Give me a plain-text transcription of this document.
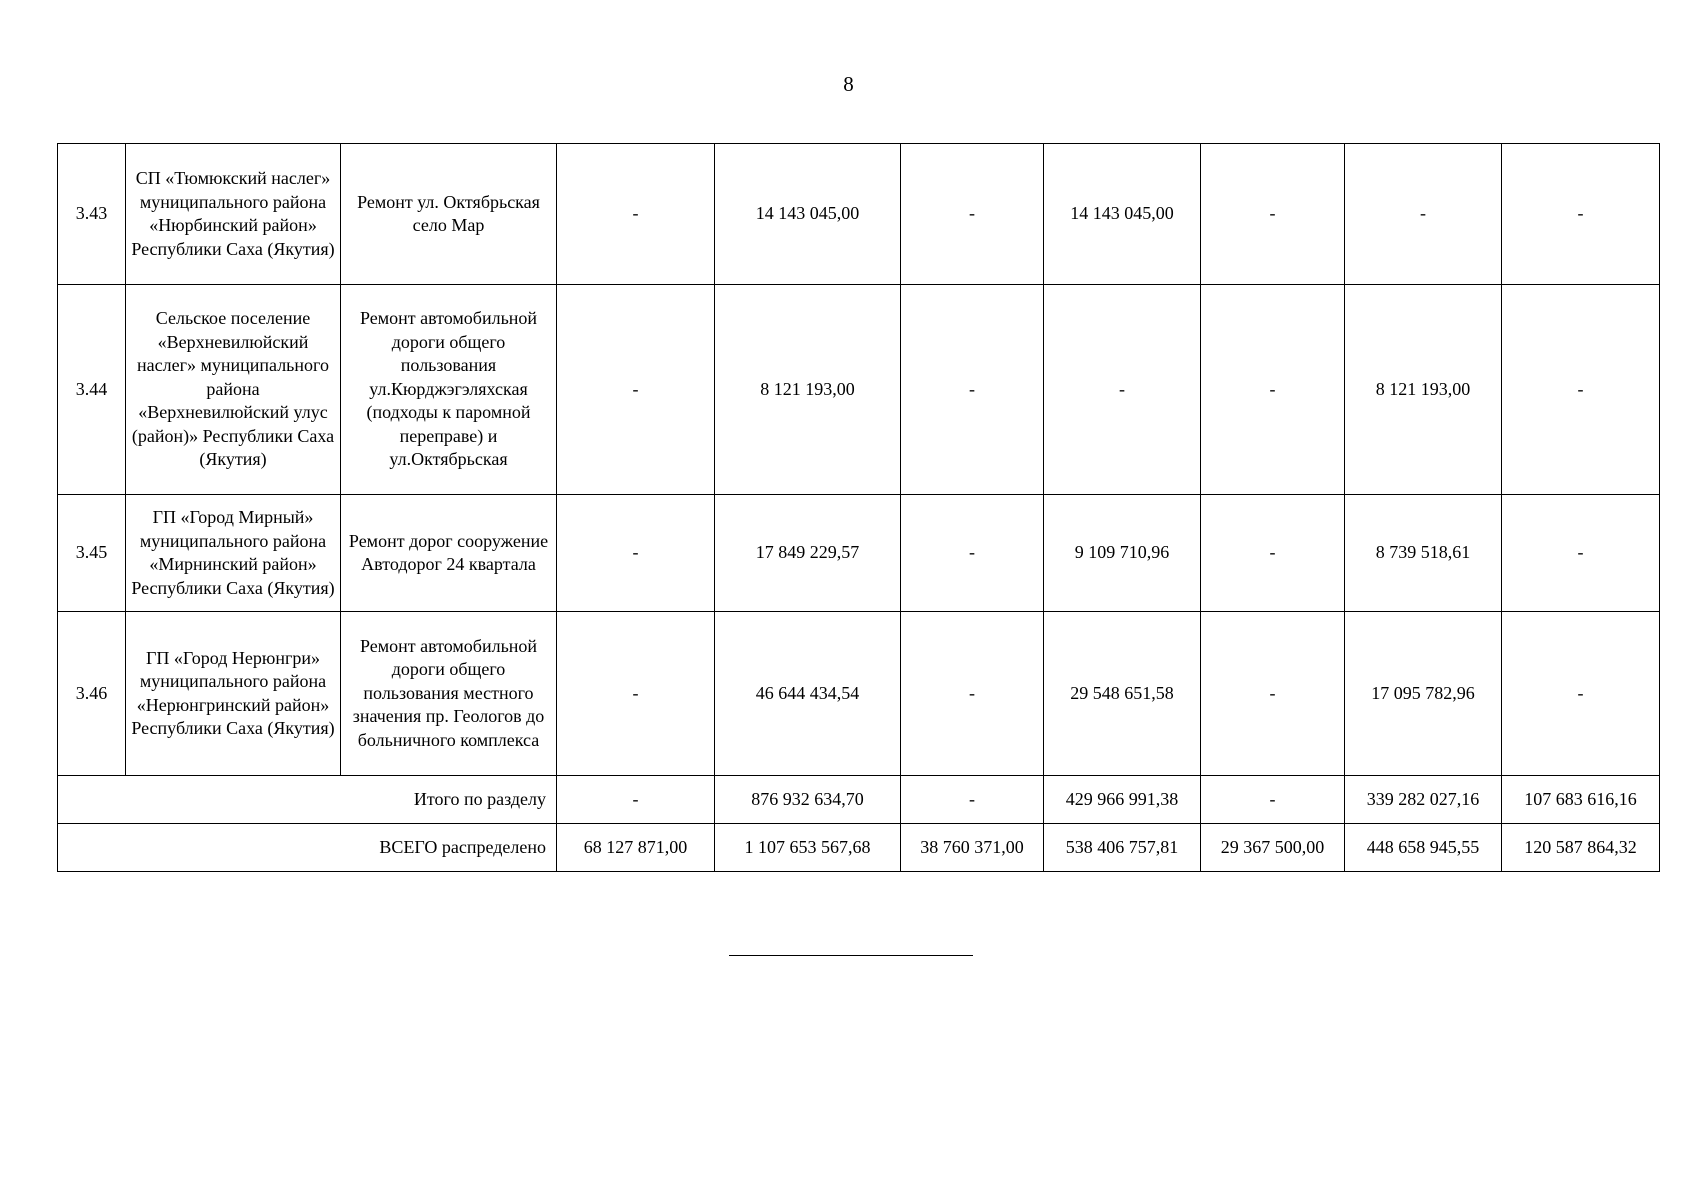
8
3.43	СП «Тюмюкский наслег» муниципального района «Нюрбинский район» Республики Саха (Якутия)	Ремонт ул. Октябрьская село Мар	-	14 143 045,00	-	14 143 045,00	-	-	-
3.44	Сельское поселение «Верхневилюйский наслег» муниципального района «Верхневилюйский улус (район)» Республики Саха (Якутия)	Ремонт автомобильной дороги общего пользования ул.Кюрджэгэляхская (подходы к паромной переправе) и ул.Октябрьская	-	8 121 193,00	-	-	-	8 121 193,00	-
3.45	ГП «Город Мирный» муниципального района «Мирнинский район» Республики Саха (Якутия)	Ремонт дорог сооружение Автодорог 24 квартала	-	17 849 229,57	-	9 109 710,96	-	8 739 518,61	-
3.46	ГП «Город Нерюнгри» муниципального района «Нерюнгринский район» Республики Саха (Якутия)	Ремонт автомобильной дороги общего пользования местного значения пр. Геологов до больничного комплекса	-	46 644 434,54	-	29 548 651,58	-	17 095 782,96	-
Итого по разделу			-	876 932 634,70	-	429 966 991,38	-	339 282 027,16	107 683 616,16
ВСЕГО распределено			68 127 871,00	1 107 653 567,68	38 760 371,00	538 406 757,81	29 367 500,00	448 658 945,55	120 587 864,32
